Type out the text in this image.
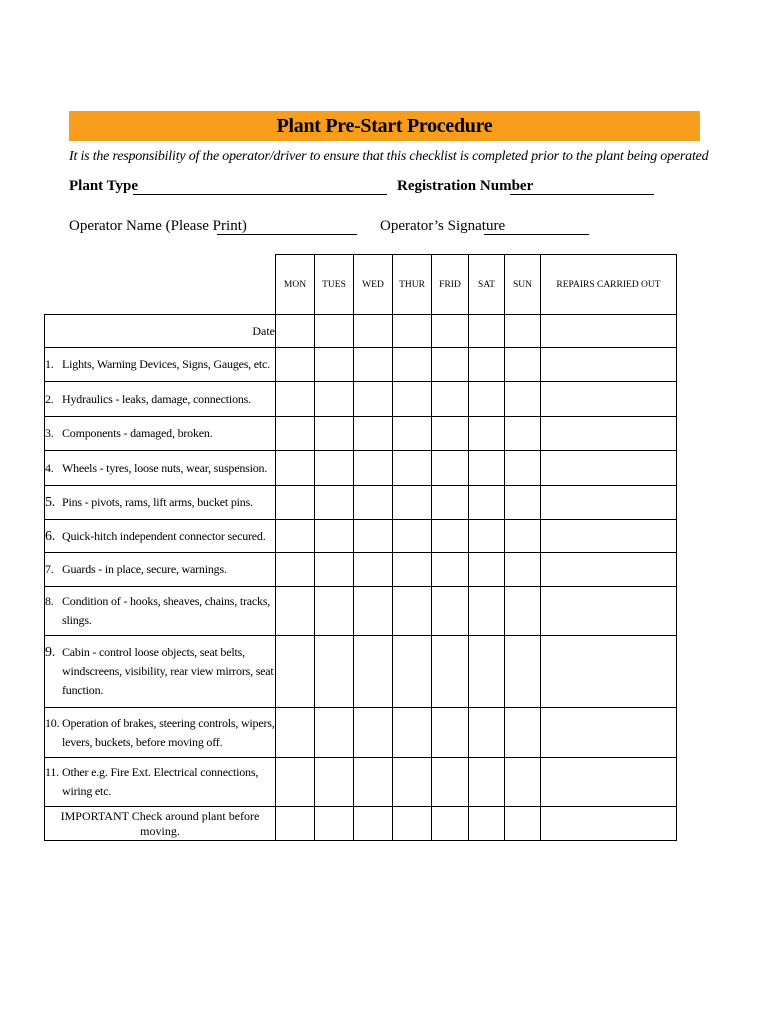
Plant Pre-Start Procedure
It is the responsibility of the operator/driver to ensure that this checklist is completed prior to the plant being operated
Plant Type	Registration Number
Operator Name (Please Print)	Operator’s Signature
	MON	TUES	WED	THUR	FRID	SAT	SUN	REPAIRS CARRIED OUT
Date								

1. Lights, Warning Devices, Signs, Gauges, etc.								

2. Hydraulics - leaks, damage, connections.								

3. Components - damaged, broken.								

4. Wheels - tyres, loose nuts, wear, suspension.								

5. Pins - pivots, rams, lift arms, bucket pins.								

6. Quick-hitch independent connector secured.								

7. Guards - in place, secure, warnings.								

8. Condition of - hooks, sheaves, chains, tracks, slings.								

9. Cabin - control loose objects, seat belts, windscreens, visibility, rear view mirrors, seat function.								

10. Operation of brakes, steering controls, wipers, levers, buckets, before moving off.								

11. Other e.g. Fire Ext. Electrical connections, wiring etc.								

IMPORTANT Check around plant before moving.								
